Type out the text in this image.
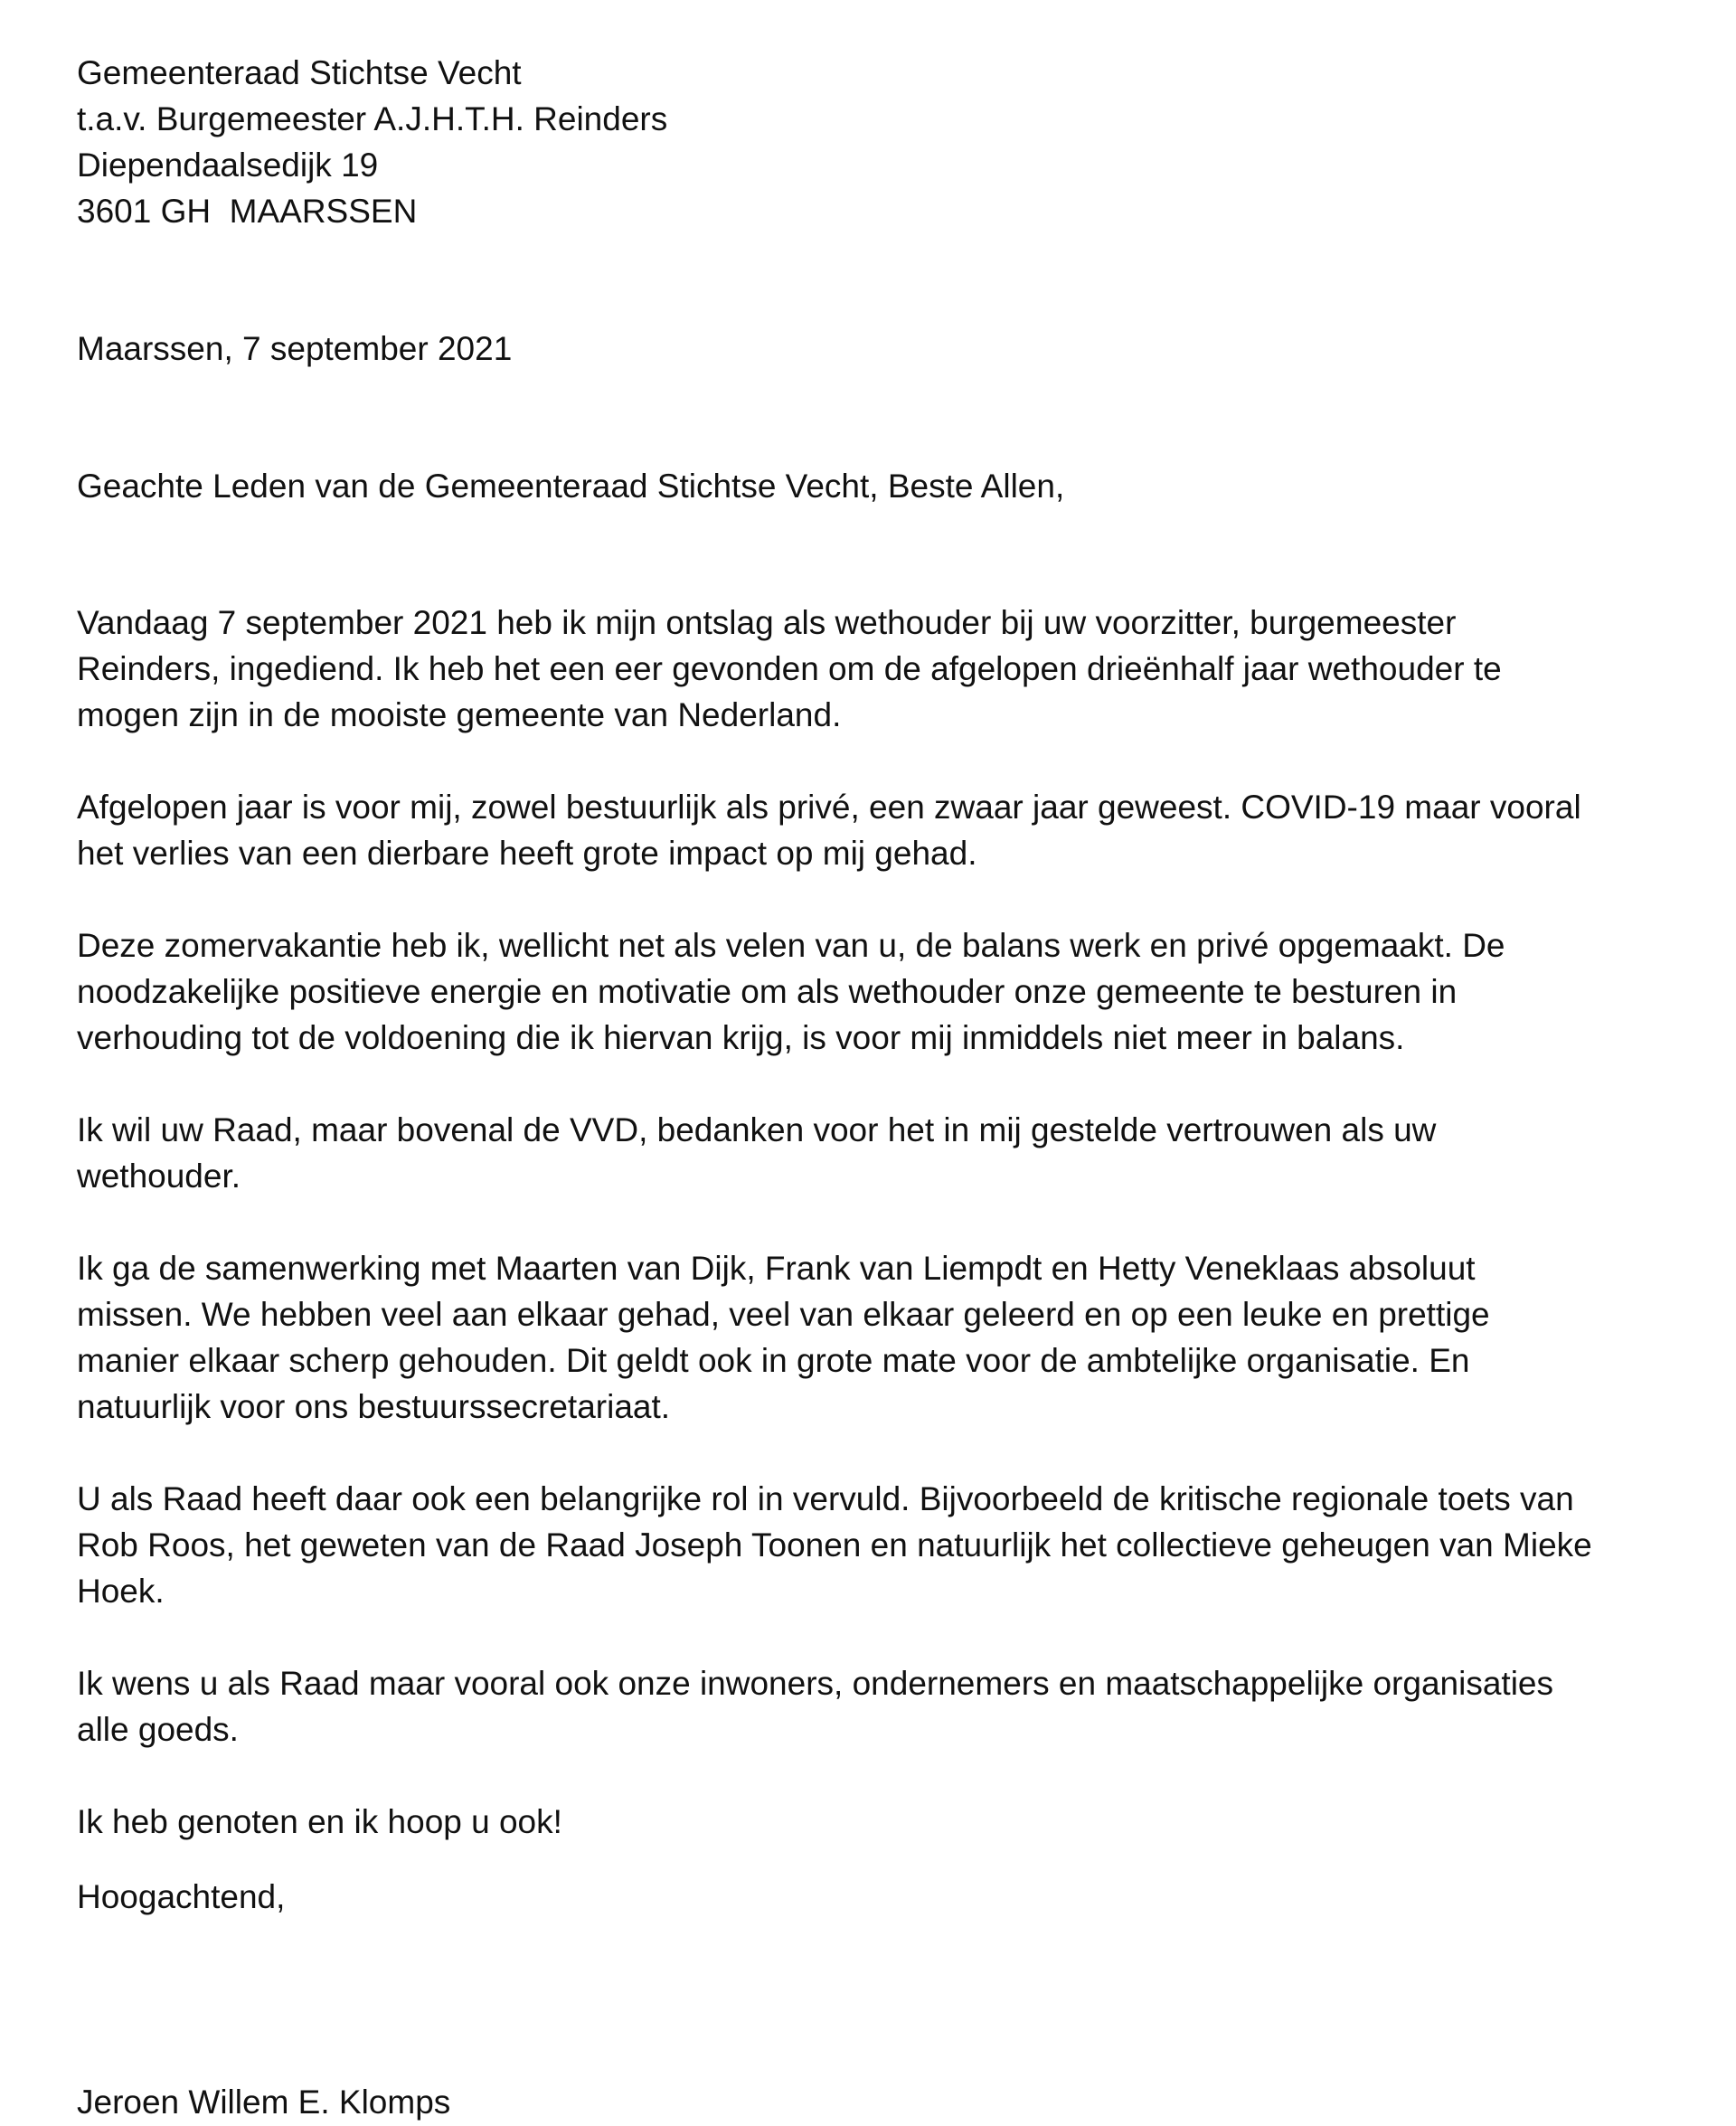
Gemeenteraad Stichtse Vecht

t.a.v. Burgemeester A.J.H.T.H. Reinders

Diependaalsedijk 19

3601 GH  MAARSSEN

Maarssen, 7 september 2021

Geachte Leden van de Gemeenteraad Stichtse Vecht, Beste Allen,

Vandaag 7 september 2021 heb ik mijn ontslag als wethouder bij uw voorzitter, burgemeester
Reinders, ingediend. Ik heb het een eer gevonden om de afgelopen drieënhalf jaar wethouder te
mogen zijn in de mooiste gemeente van Nederland.
Afgelopen jaar is voor mij, zowel bestuurlijk als privé, een zwaar jaar geweest. COVID-19 maar vooral
het verlies van een dierbare heeft grote impact op mij gehad.
Deze zomervakantie heb ik, wellicht net als velen van u, de balans werk en privé opgemaakt. De
noodzakelijke positieve energie en motivatie om als wethouder onze gemeente te besturen in
verhouding tot de voldoening die ik hiervan krijg, is voor mij inmiddels niet meer in balans.
Ik wil uw Raad, maar bovenal de VVD, bedanken voor het in mij gestelde vertrouwen als uw
wethouder.
Ik ga de samenwerking met Maarten van Dijk, Frank van Liempdt en Hetty Veneklaas absoluut
missen. We hebben veel aan elkaar gehad, veel van elkaar geleerd en op een leuke en prettige
manier elkaar scherp gehouden. Dit geldt ook in grote mate voor de ambtelijke organisatie. En
natuurlijk voor ons bestuurssecretariaat.
U als Raad heeft daar ook een belangrijke rol in vervuld. Bijvoorbeeld de kritische regionale toets van
Rob Roos, het geweten van de Raad Joseph Toonen en natuurlijk het collectieve geheugen van Mieke
Hoek.
Ik wens u als Raad maar vooral ook onze inwoners, ondernemers en maatschappelijke organisaties
alle goeds.
Ik heb genoten en ik hoop u ook!

Hoogachtend,

Jeroen Willem E. Klomps
